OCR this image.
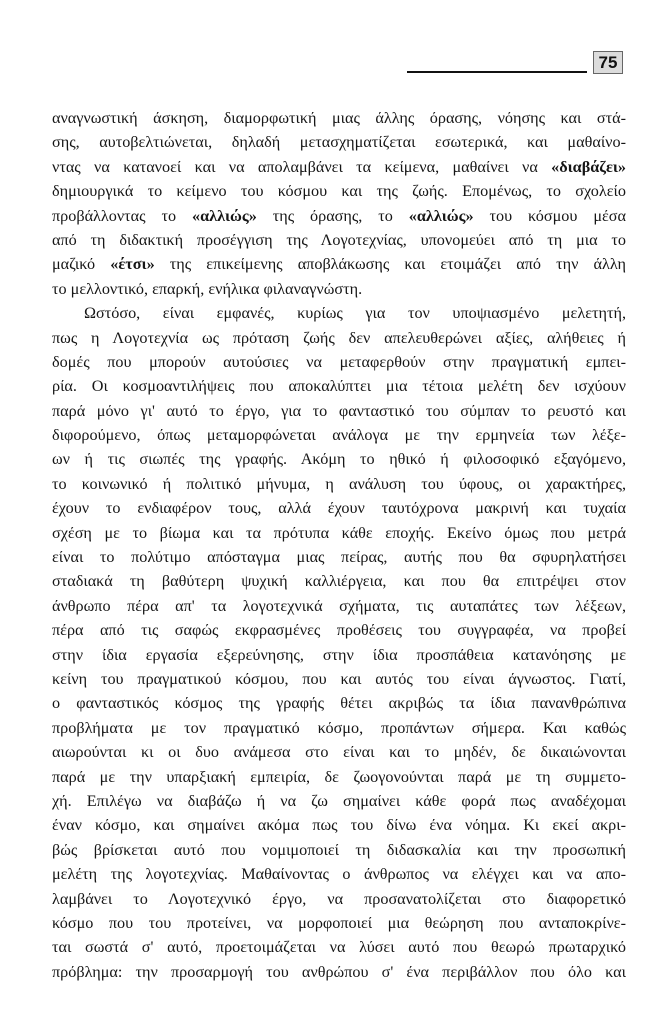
75
αναγνωστική άσκηση, διαμορφωτική μιας άλλης όρασης, νόησης και στά-
σης, αυτοβελτιώνεται, δηλαδή μετασχηματίζεται εσωτερικά, και μαθαίνο-
ντας να κατανοεί και να απολαμβάνει τα κείμενα, μαθαίνει να «διαβάζει»
δημιουργικά το κείμενο του κόσμου και της ζωής. Επομένως, το σχολείο
προβάλλοντας το «αλλιώς» της όρασης, το «αλλιώς» του κόσμου μέσα
από τη διδακτική προσέγγιση της Λογοτεχνίας, υπονομεύει από τη μια το
μαζικό «έτσι» της επικείμενης αποβλάκωσης και ετοιμάζει από την άλλη
το μελλοντικό, επαρκή, ενήλικα φιλαναγνώστη.
Ωστόσο, είναι εμφανές, κυρίως για τον υποψιασμένο μελετητή,
πως η Λογοτεχνία ως πρόταση ζωής δεν απελευθερώνει αξίες, αλήθειες ή
δομές που μπορούν αυτούσιες να μεταφερθούν στην πραγματική εμπει-
ρία. Οι κοσμοαντιλήψεις που αποκαλύπτει μια τέτοια μελέτη δεν ισχύουν
παρά μόνο γι' αυτό το έργο, για το φανταστικό του σύμπαν το ρευστό και
διφορούμενο, όπως μεταμορφώνεται ανάλογα με την ερμηνεία των λέξε-
ων ή τις σιωπές της γραφής. Ακόμη το ηθικό ή φιλοσοφικό εξαγόμενο,
το κοινωνικό ή πολιτικό μήνυμα, η ανάλυση του ύφους, οι χαρακτήρες,
έχουν το ενδιαφέρον τους, αλλά έχουν ταυτόχρονα μακρινή και τυχαία
σχέση με το βίωμα και τα πρότυπα κάθε εποχής. Εκείνο όμως που μετρά
είναι το πολύτιμο απόσταγμα μιας πείρας, αυτής που θα σφυρηλατήσει
σταδιακά τη βαθύτερη ψυχική καλλιέργεια, και που θα επιτρέψει στον
άνθρωπο πέρα απ' τα λογοτεχνικά σχήματα, τις αυταπάτες των λέξεων,
πέρα από τις σαφώς εκφρασμένες προθέσεις του συγγραφέα, να προβεί
στην ίδια εργασία εξερεύνησης, στην ίδια προσπάθεια κατανόησης με
κείνη του πραγματικού κόσμου, που και αυτός του είναι άγνωστος. Γιατί,
ο φανταστικός κόσμος της γραφής θέτει ακριβώς τα ίδια πανανθρώπινα
προβλήματα με τον πραγματικό κόσμο, προπάντων σήμερα. Και καθώς
αιωρούνται κι οι δυο ανάμεσα στο είναι και το μηδέν, δε δικαιώνονται
παρά με την υπαρξιακή εμπειρία, δε ζωογονούνται παρά με τη συμμετο-
χή. Επιλέγω να διαβάζω ή να ζω σημαίνει κάθε φορά πως αναδέχομαι
έναν κόσμο, και σημαίνει ακόμα πως του δίνω ένα νόημα. Κι εκεί ακρι-
βώς βρίσκεται αυτό που νομιμοποιεί τη διδασκαλία και την προσωπική
μελέτη της λογοτεχνίας. Μαθαίνοντας ο άνθρωπος να ελέγχει και να απο-
λαμβάνει το Λογοτεχνικό έργο, να προσανατολίζεται στο διαφορετικό
κόσμο που του προτείνει, να μορφοποιεί μια θεώρηση που ανταποκρίνε-
ται σωστά σ' αυτό, προετοιμάζεται να λύσει αυτό που θεωρώ πρωταρχικό
πρόβλημα: την προσαρμογή του ανθρώπου σ' ένα περιβάλλον που όλο και
